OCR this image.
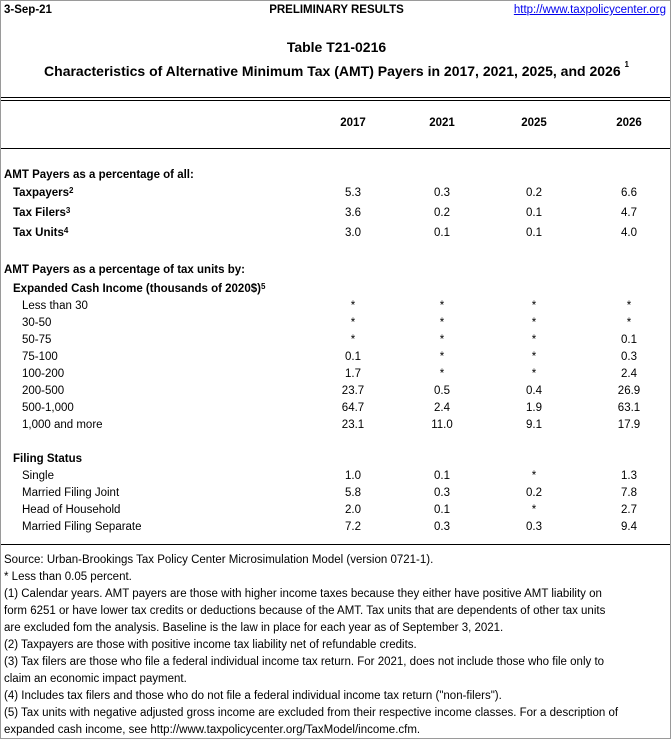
3-Sep-21	PRELIMINARY RESULTS	http://www.taxpolicycenter.org
Table T21-0216
Characteristics of Alternative Minimum Tax (AMT) Payers in 2017, 2021, 2025, and 2026 $^1$
2017	2021	2025	2026
AMT Payers as a percentage of all:
Taxpayers$^2$	5.3	0.3	0.2	6.6
Tax Filers$^3$	3.6	0.2	0.1	4.7
Tax Units$^4$	3.0	0.1	0.1	4.0
AMT Payers as a percentage of tax units by:
Expanded Cash Income (thousands of 2020$)$^5$
Less than 30	*	*	*	*
30-50	*	*	*	*
50-75	*	*	*	0.1
75-100	0.1	*	*	0.3
100-200	1.7	*	*	2.4
200-500	23.7	0.5	0.4	26.9
500-1,000	64.7	2.4	1.9	63.1
1,000 and more	23.1	11.0	9.1	17.9
Filing Status
Single	1.0	0.1	*	1.3
Married Filing Joint	5.8	0.3	0.2	7.8
Head of Household	2.0	0.1	*	2.7
Married Filing Separate	7.2	0.3	0.3	9.4
Source: Urban-Brookings Tax Policy Center Microsimulation Model (version 0721-1).
* Less than 0.05 percent.
(1) Calendar years. AMT payers are those with higher income taxes because they either have positive AMT liability on
form 6251 or have lower tax credits or deductions because of the AMT. Tax units that are dependents of other tax units
are excluded fom the analysis. Baseline is the law in place for each year as of September 3, 2021.
(2) Taxpayers are those with positive income tax liability net of refundable credits.
(3) Tax filers are those who file a federal individual income tax return. For 2021, does not include those who file only to
claim an economic impact payment.
(4) Includes tax filers and those who do not file a federal individual income tax return ("non-filers").
(5) Tax units with negative adjusted gross income are excluded from their respective income classes. For a description of
expanded cash income, see http://www.taxpolicycenter.org/TaxModel/income.cfm.
